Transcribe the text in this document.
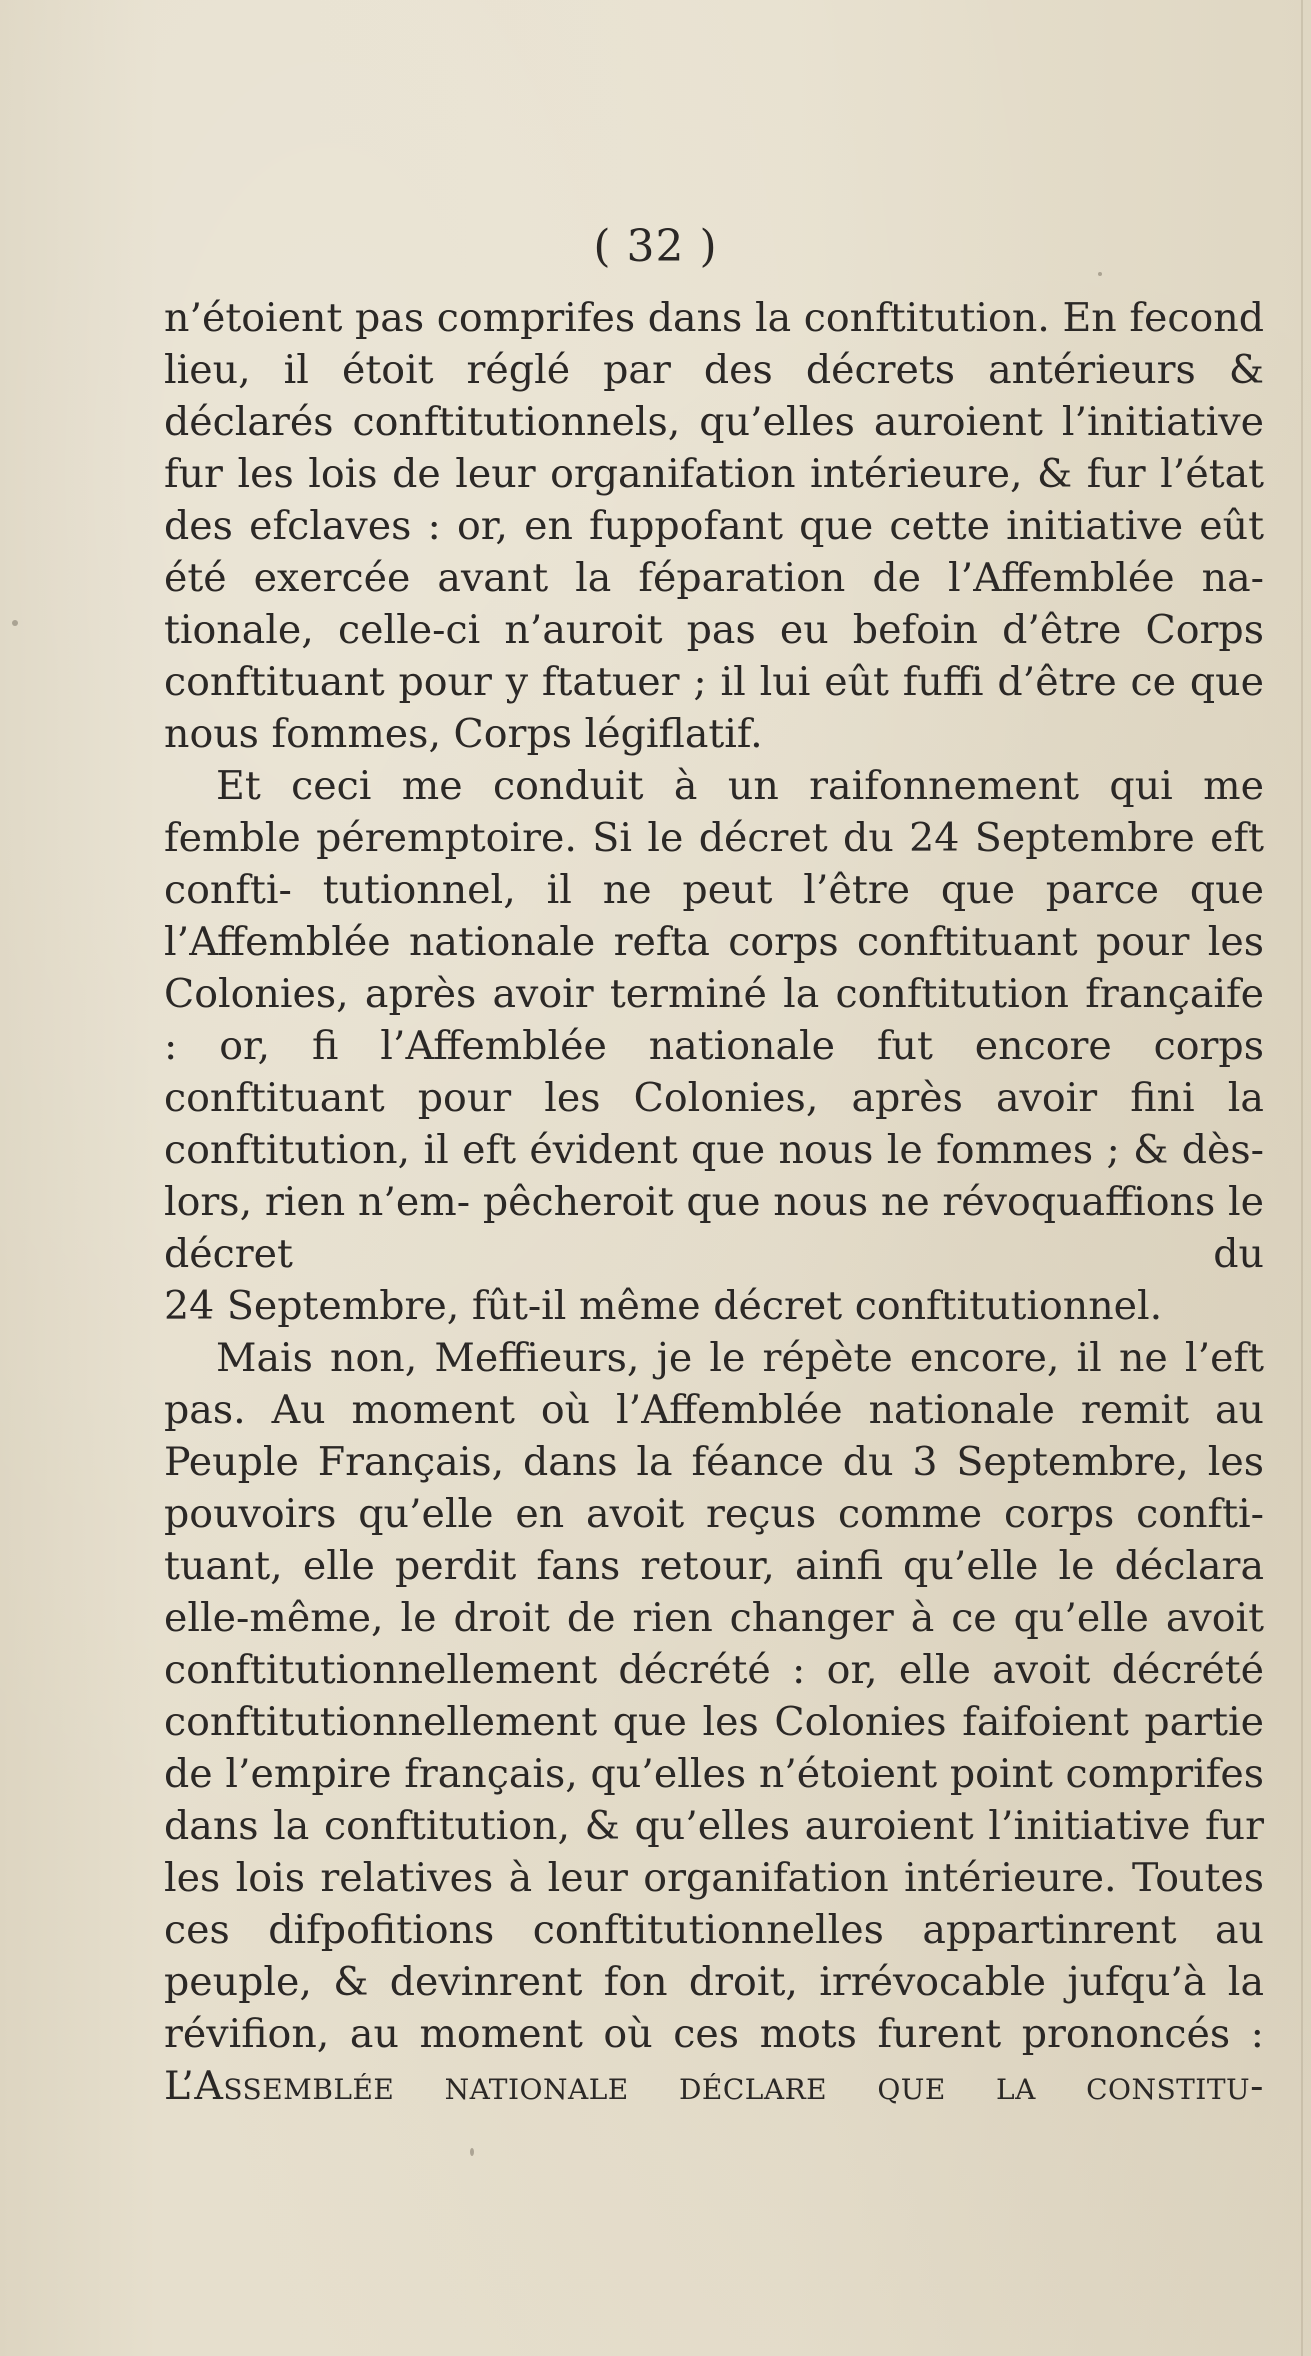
( 32 )

n’étoient pas comprifes dans la conftitution. En fecond lieu, il étoit réglé par des décrets antérieurs & déclarés conftitutionnels, qu’elles auroient l’initiative fur les lois de leur organifation intérieure, & fur l’état des efclaves : or, en fuppofant que cette initiative eût été exercée avant la féparation de l’Affemblée na- tionale, celle-ci n’auroit pas eu befoin d’être Corps conftituant pour y ftatuer ; il lui eût fuffi d’être ce que

nous fommes, Corps légiflatif.

Et ceci me conduit à un raifonnement qui me femble péremptoire. Si le décret du 24 Septembre eft confti- tutionnel, il ne peut l’être que parce que l’Affemblée nationale refta corps conftituant pour les Colonies, après avoir terminé la conftitution françaife : or, fi l’Affemblée nationale fut encore corps conftituant pour les Colonies, après avoir fini la conftitution, il eft évident que nous le fommes ; & dès-lors, rien n’em- pêcheroit que nous ne révoquaffions le décret du

24 Septembre, fût-il même décret conftitutionnel.

Mais non, Meffieurs, je le répète encore, il ne l’eft pas. Au moment où l’Affemblée nationale remit au Peuple Français, dans la féance du 3 Septembre, les pouvoirs qu’elle en avoit reçus comme corps confti- tuant, elle perdit fans retour, ainfi qu’elle le déclara elle-même, le droit de rien changer à ce qu’elle avoit conftitutionnellement décrété : or, elle avoit décrété conftitutionnellement que les Colonies faifoient partie de l’empire français, qu’elles n’étoient point comprifes dans la conftitution, & qu’elles auroient l’initiative fur les lois relatives à leur organifation intérieure. Toutes ces difpofitions conftitutionnelles appartinrent au peuple, & devinrent fon droit, irrévocable jufqu’à la révifion, au moment où ces mots furent prononcés : L’Assemblée nationale déclare que la constitu-
